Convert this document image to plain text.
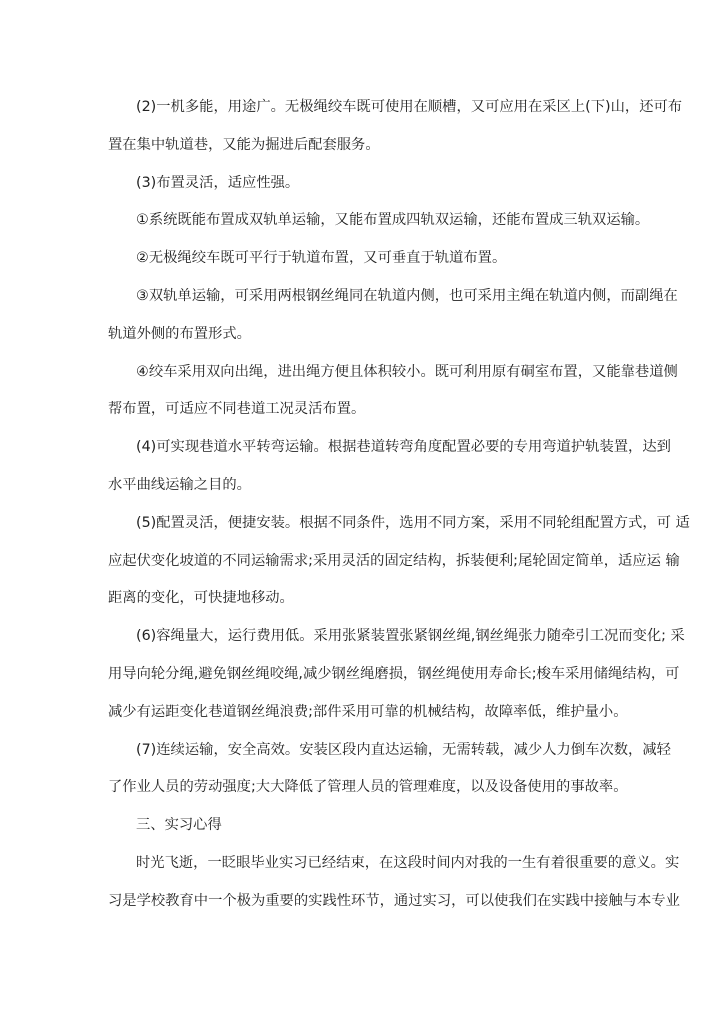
(2)一机多能，用途广。无极绳绞车既可使用在顺槽，又可应用在采区上(下)山，还可布
置在集中轨道巷，又能为掘进后配套服务。
(3)布置灵活，适应性强。
①系统既能布置成双轨单运输，又能布置成四轨双运输，还能布置成三轨双运输。
②无极绳绞车既可平行于轨道布置，又可垂直于轨道布置。
③双轨单运输，可采用两根钢丝绳同在轨道内侧，也可采用主绳在轨道内侧，而副绳在
轨道外侧的布置形式。
④绞车采用双向出绳，进出绳方便且体积较小。既可利用原有硐室布置，又能靠巷道侧
帮布置，可适应不同巷道工况灵活布置。
(4)可实现巷道水平转弯运输。根据巷道转弯角度配置必要的专用弯道护轨装置，达到
水平曲线运输之目的。
(5)配置灵活，便捷安装。根据不同条件，选用不同方案，采用不同轮组配置方式，可 适
应起伏变化坡道的不同运输需求;采用灵活的固定结构，拆装便利;尾轮固定简单，适应运 输
距离的变化，可快捷地移动。
(6)容绳量大，运行费用低。采用张紧装置张紧钢丝绳,钢丝绳张力随牵引工况而变化; 采
用导向轮分绳,避免钢丝绳咬绳,减少钢丝绳磨损，钢丝绳使用寿命长;梭车采用储绳结构，可
减少有运距变化巷道钢丝绳浪费;部件采用可靠的机械结构，故障率低，维护量小。
(7)连续运输，安全高效。安装区段内直达运输，无需转载，减少人力倒车次数，减轻
了作业人员的劳动强度;大大降低了管理人员的管理难度，以及设备使用的事故率。
三、实习心得
时光飞逝，一眨眼毕业实习已经结束，在这段时间内对我的一生有着很重要的意义。实
习是学校教育中一个极为重要的实践性环节，通过实习，可以使我们在实践中接触与本专业
